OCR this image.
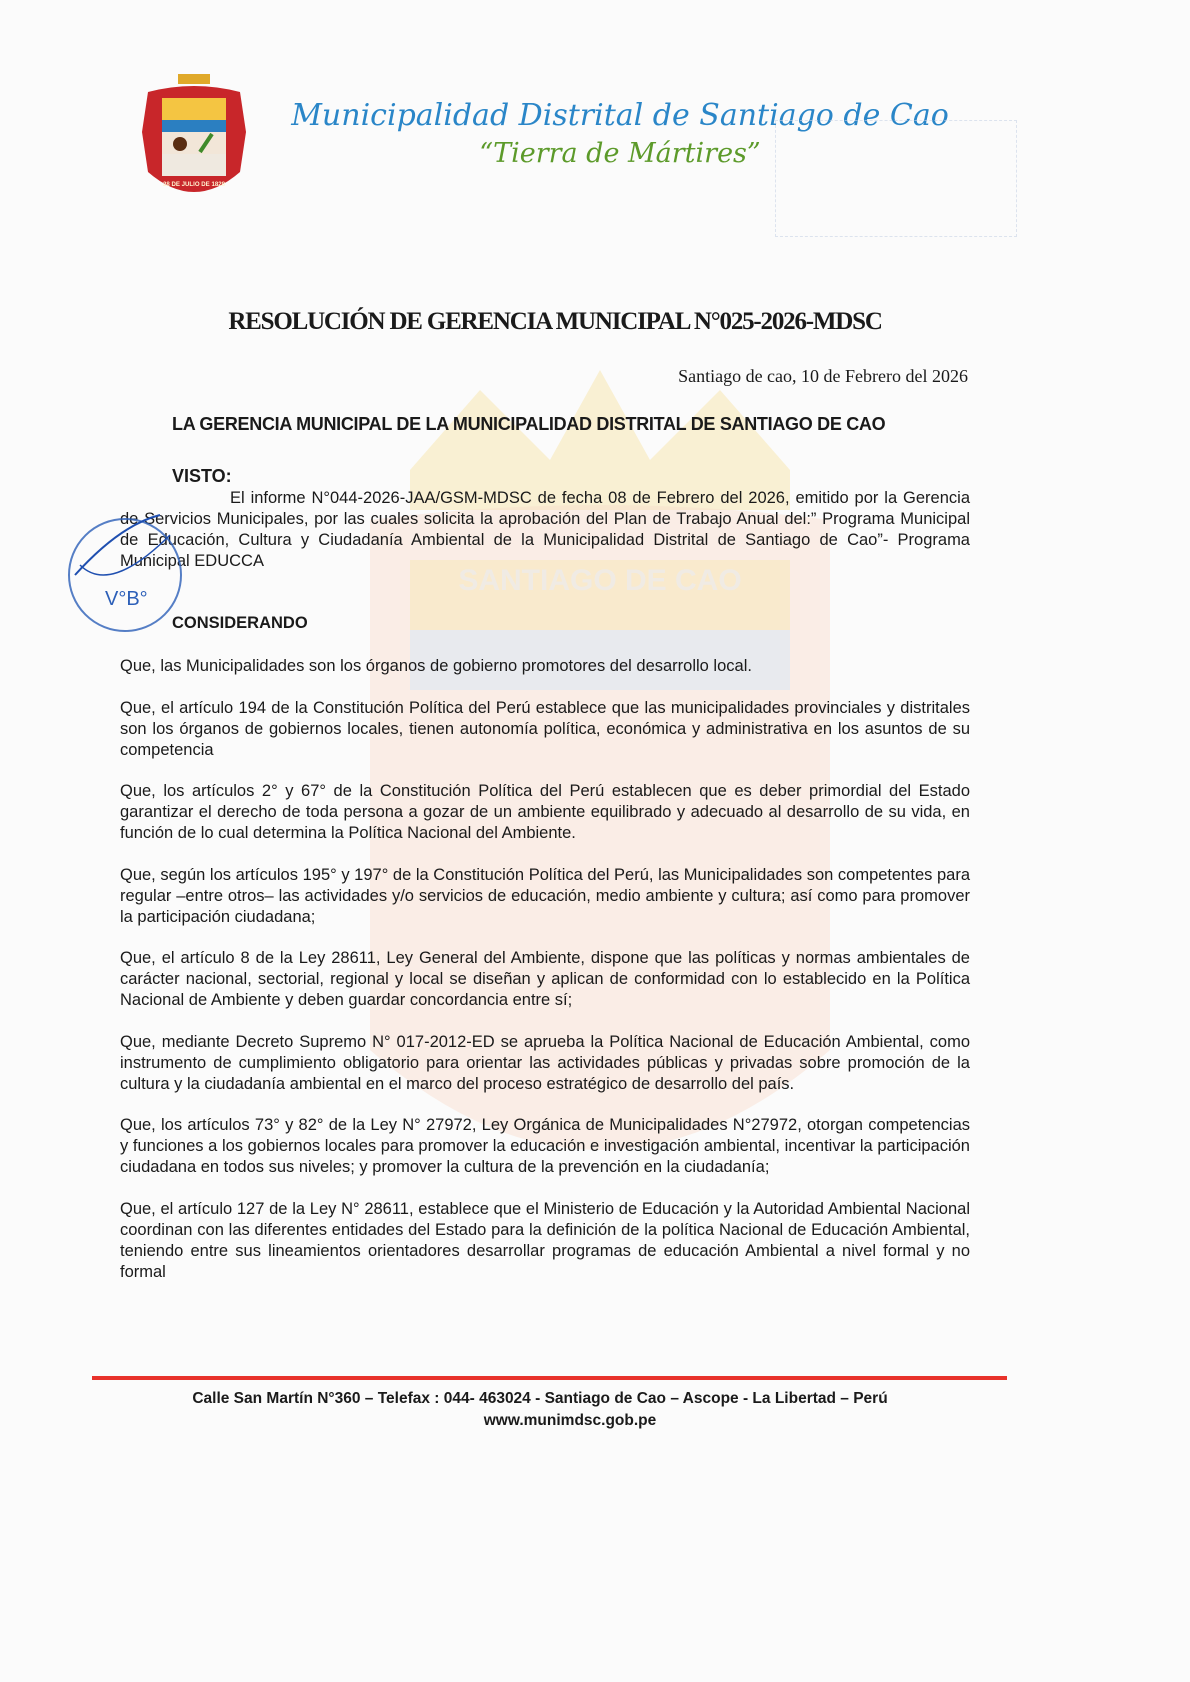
SANTIAGO DE CAO
28 DE JULIO DE 1828
Municipalidad Distrital de Santiago de Cao
“Tierra de Mártires”
RESOLUCIÓN DE GERENCIA MUNICIPAL N°025-2026-MDSC
Santiago de cao, 10 de Febrero del 2026
LA GERENCIA MUNICIPAL DE LA MUNICIPALIDAD DISTRITAL DE SANTIAGO DE CAO
VISTO:
El informe N°044-2026-JAA/GSM-MDSC de fecha 08 de Febrero del 2026, emitido por la Gerencia de Servicios Municipales, por las cuales solicita la aprobación del Plan de Trabajo Anual del:” Programa Municipal de Educación, Cultura y Ciudadanía Ambiental de la Municipalidad Distrital de Santiago de Cao”- Programa Municipal EDUCCA
V°B°
CONSIDERANDO

Que, las Municipalidades son los órganos de gobierno promotores del desarrollo local.

Que, el artículo 194 de la Constitución Política del Perú establece que las municipalidades provinciales y distritales son los órganos de gobiernos locales, tienen autonomía política, económica y administrativa en los asuntos de su competencia

Que, los artículos 2° y 67° de la Constitución Política del Perú establecen que es deber primordial del Estado garantizar el derecho de toda persona a gozar de un ambiente equilibrado y adecuado al desarrollo de su vida, en función de lo cual determina la Política Nacional del Ambiente.

Que, según los artículos 195° y 197° de la Constitución Política del Perú, las Municipalidades son competentes para regular –entre otros– las actividades y/o servicios de educación, medio ambiente y cultura; así como para promover la participación ciudadana;

Que, el artículo 8 de la Ley 28611, Ley General del Ambiente, dispone que las políticas y normas ambientales de carácter nacional, sectorial, regional y local se diseñan y aplican de conformidad con lo establecido en la Política Nacional de Ambiente y deben guardar concordancia entre sí;

Que, mediante Decreto Supremo N° 017-2012-ED se aprueba la Política Nacional de Educación Ambiental, como instrumento de cumplimiento obligatorio para orientar las actividades públicas y privadas sobre promoción de la cultura y la ciudadanía ambiental en el marco del proceso estratégico de desarrollo del país.

Que, los artículos 73° y 82° de la Ley N° 27972, Ley Orgánica de Municipalidades N°27972, otorgan competencias y funciones a los gobiernos locales para promover la educación e investigación ambiental, incentivar la participación ciudadana en todos sus niveles; y promover la cultura de la prevención en la ciudadanía;

Que, el artículo 127 de la Ley N° 28611, establece que el Ministerio de Educación y la Autoridad Ambiental Nacional coordinan con las diferentes entidades del Estado para la definición de la política Nacional de Educación Ambiental, teniendo entre sus lineamientos orientadores desarrollar programas de educación Ambiental a nivel formal y no formal

Calle San Martín N°360 – Telefax : 044- 463024 - Santiago de Cao – Ascope - La Libertad – Perú
www.munimdsc.gob.pe
